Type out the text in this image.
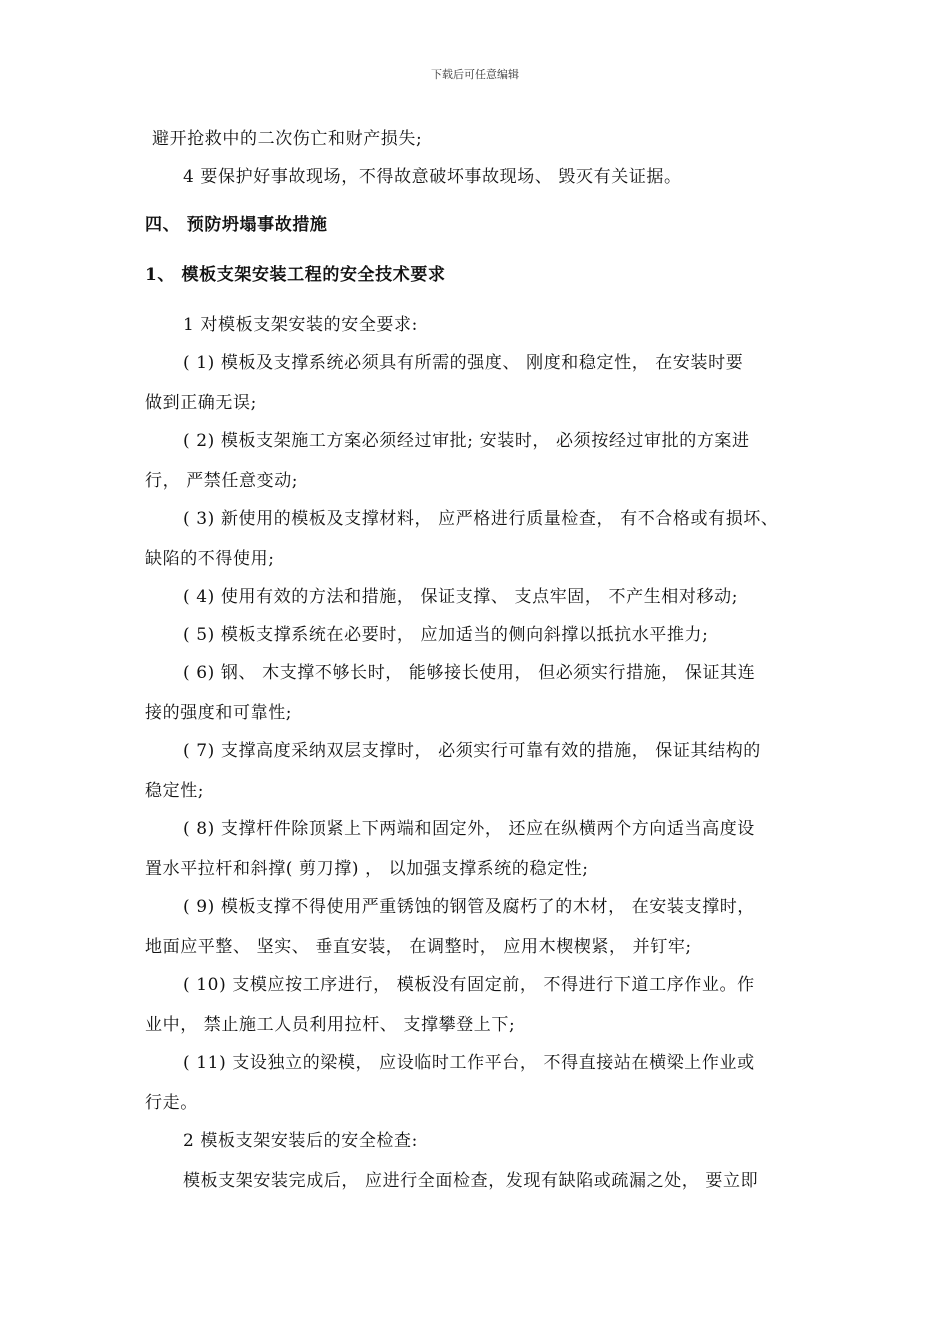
下载后可任意编辑
避开抢救中的二次伤亡和财产损失;
4 要保护好事故现场，不得故意破坏事故现场、 毁灭有关证据。
四、 预防坍塌事故措施
1、 模板支架安装工程的安全技术要求
1 对模板支架安装的安全要求:
( 1) 模板及支撑系统必须具有所需的强度、 刚度和稳定性， 在安装时要
做到正确无误;
( 2) 模板支架施工方案必须经过审批; 安装时， 必须按经过审批的方案进
行， 严禁任意变动;
( 3) 新使用的模板及支撑材料， 应严格进行质量检查， 有不合格或有损坏、
缺陷的不得使用;
( 4) 使用有效的方法和措施， 保证支撑、 支点牢固， 不产生相对移动;
( 5) 模板支撑系统在必要时， 应加适当的侧向斜撑以抵抗水平推力;
( 6) 钢、 木支撑不够长时， 能够接长使用， 但必须实行措施， 保证其连
接的强度和可靠性;
( 7) 支撑高度采纳双层支撑时， 必须实行可靠有效的措施， 保证其结构的
稳定性;
( 8) 支撑杆件除顶紧上下两端和固定外， 还应在纵横两个方向适当高度设
置水平拉杆和斜撑( 剪刀撑) ， 以加强支撑系统的稳定性;
( 9) 模板支撑不得使用严重锈蚀的钢管及腐朽了的木材， 在安装支撑时，
地面应平整、 坚实、 垂直安装， 在调整时， 应用木楔楔紧， 并钉牢;
( 10) 支模应按工序进行， 模板没有固定前， 不得进行下道工序作业。作
业中， 禁止施工人员利用拉杆、 支撑攀登上下;
( 11) 支设独立的梁模， 应设临时工作平台， 不得直接站在横梁上作业或
行走。
2 模板支架安装后的安全检查:
模板支架安装完成后， 应进行全面检查，发现有缺陷或疏漏之处， 要立即
